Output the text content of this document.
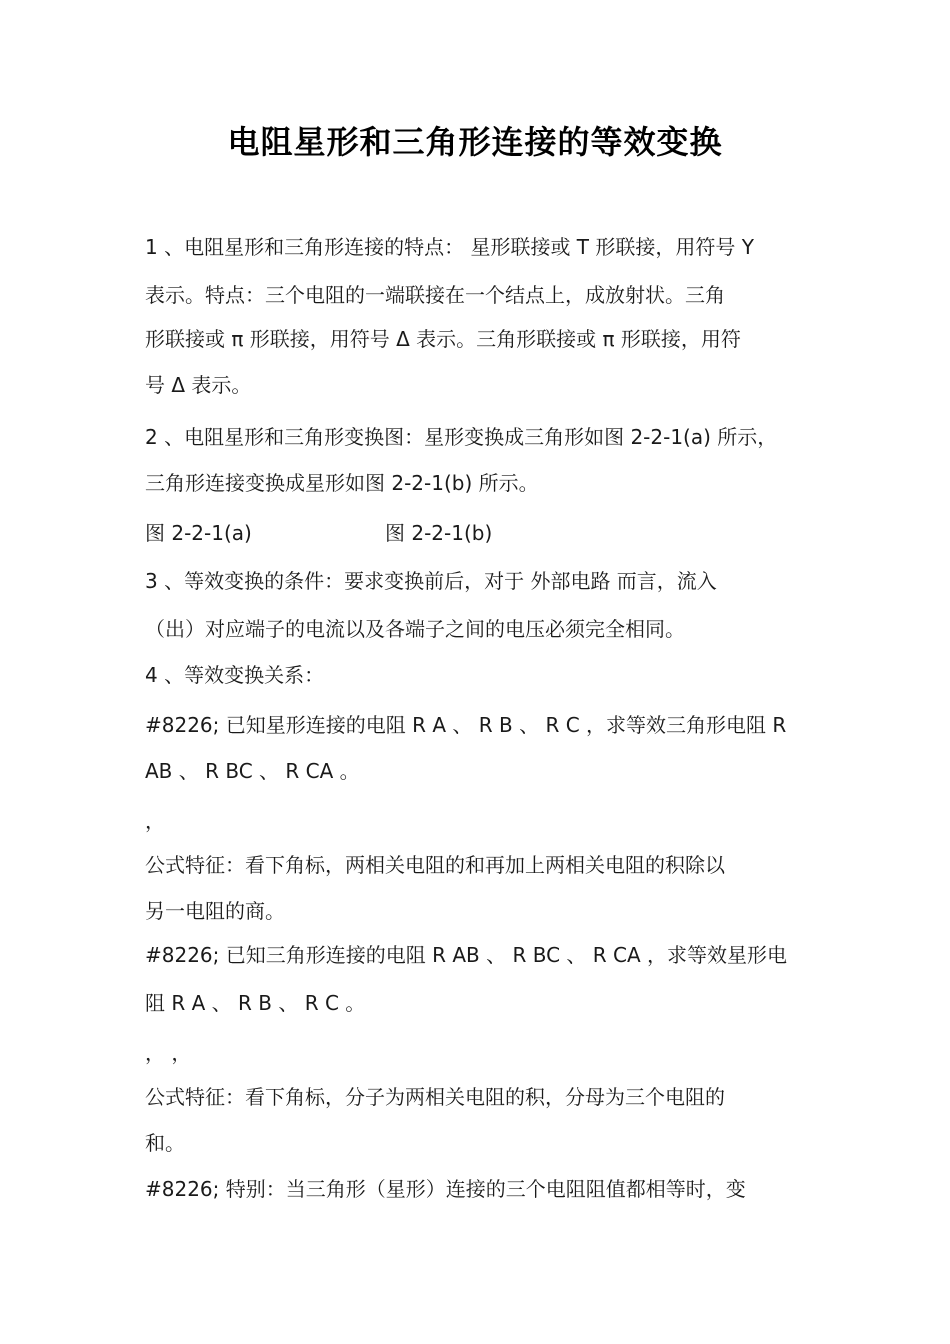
电阻星形和三角形连接的等效变换
1 、电阻星形和三角形连接的特点： 星形联接或 T 形联接，用符号 Y
表示。特点：三个电阻的一端联接在一个结点上，成放射状。三角
形联接或 π 形联接，用符号 Δ 表示。三角形联接或 π 形联接，用符
号 Δ 表示。
2 、电阻星形和三角形变换图：星形变换成三角形如图 2-2-1(a) 所示，
三角形连接变换成星形如图 2-2-1(b) 所示。
图 2-2-1(a)	图 2-2-1(b)
3 、等效变换的条件：要求变换前后，对于 外部电路 而言，流入
（出）对应端子的电流以及各端子之间的电压必须完全相同。
4 、等效变换关系：
#8226; 已知星形连接的电阻 R A 、 R B 、 R C ，求等效三角形电阻 R
AB 、 R BC 、 R CA 。
，
公式特征：看下角标，两相关电阻的和再加上两相关电阻的积除以
另一电阻的商。
#8226; 已知三角形连接的电阻 R AB 、 R BC 、 R CA ，求等效星形电
阻 R A 、 R B 、 R C 。
， ，
公式特征：看下角标，分子为两相关电阻的积，分母为三个电阻的
和。
#8226; 特别：当三角形（星形）连接的三个电阻阻值都相等时，变
